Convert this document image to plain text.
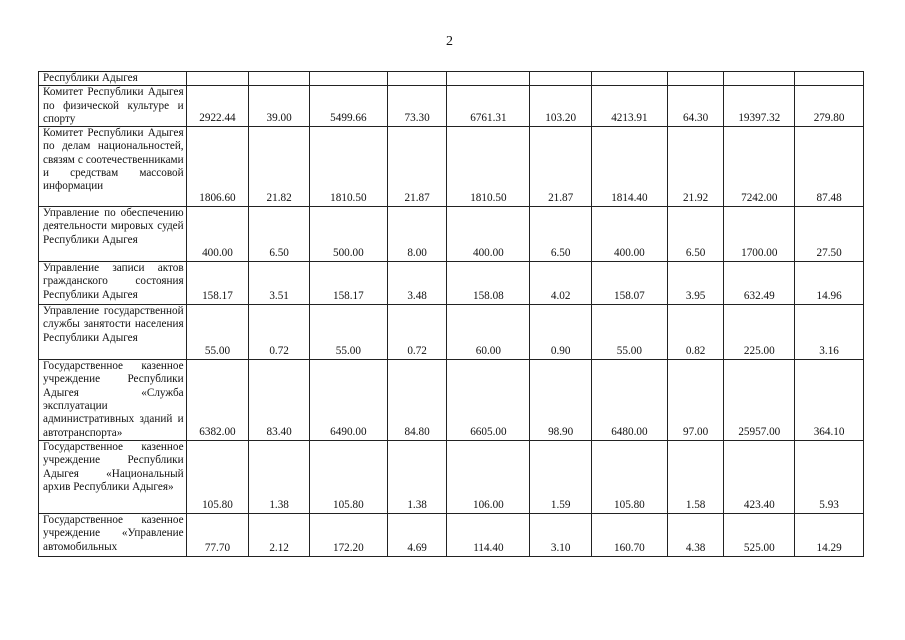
2
Республики Адыгея										
Комитет Республики Адыгея по физической культуре и спорту	2922.44	39.00	5499.66	73.30	6761.31	103.20	4213.91	64.30	19397.32	279.80
Комитет Республики Адыгея по делам национальностей, связям с соотечественниками и средствам массовой информации	1806.60	21.82	1810.50	21.87	1810.50	21.87	1814.40	21.92	7242.00	87.48
Управление по обеспечению деятельности мировых судей Республики Адыгея	400.00	6.50	500.00	8.00	400.00	6.50	400.00	6.50	1700.00	27.50
Управление записи актов гражданского состояния Республики Адыгея	158.17	3.51	158.17	3.48	158.08	4.02	158.07	3.95	632.49	14.96
Управление государственной службы занятости населения Республики Адыгея	55.00	0.72	55.00	0.72	60.00	0.90	55.00	0.82	225.00	3.16
Государственное казенное учреждение Республики Адыгея «Служба эксплуатации административных зданий и автотранспорта»	6382.00	83.40	6490.00	84.80	6605.00	98.90	6480.00	97.00	25957.00	364.10
Государственное казенное учреждение Республики Адыгея «Национальный архив Республики Адыгея»	105.80	1.38	105.80	1.38	106.00	1.59	105.80	1.58	423.40	5.93
Государственное казенное учреждение «Управление автомобильных	77.70	2.12	172.20	4.69	114.40	3.10	160.70	4.38	525.00	14.29
